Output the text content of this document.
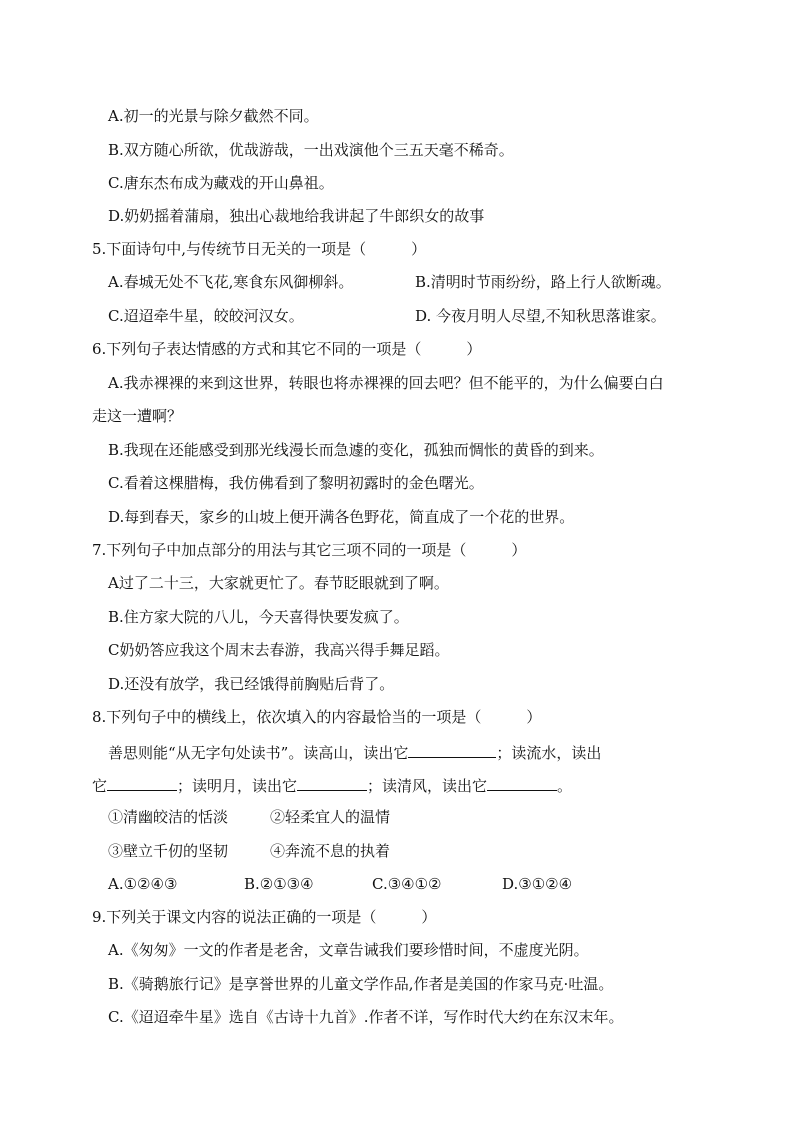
A.初一的光景与除夕截然不同。
B.双方随心所欲，优哉游哉，一出戏演他个三五天毫不稀奇。
C.唐东杰布成为藏戏的开山鼻祖。
D.奶奶摇着蒲扇，独出心裁地给我讲起了牛郎织女的故事
5.下面诗句中,与传统节日无关的一项是（　　　）
A.春城无处不飞花,寒食东风御柳斜。	B.清明时节雨纷纷，路上行人欲断魂。
C.迢迢牵牛星，皎皎河汉女。	D. 今夜月明人尽望,不知秋思落谁家。
6.下列句子表达情感的方式和其它不同的一项是（　　　）
A.我赤裸裸的来到这世界，转眼也将赤裸裸的回去吧？但不能平的，为什么偏要白白
走这一遭啊？
B.我现在还能感受到那光线漫长而急遽的变化，孤独而惆怅的黄昏的到来。
C.看着这棵腊梅，我仿佛看到了黎明初露时的金色曙光。
D.每到春天，家乡的山坡上便开满各色野花，简直成了一个花的世界。
7.下列句子中加点部分的用法与其它三项不同的一项是（　　　）
A过了二十三，大家就更忙了。春节眨眼就到了啊。
B.住方家大院的八儿，今天喜得快要发疯了。
C奶奶答应我这个周末去春游，我高兴得手舞足蹈。
D.还没有放学，我已经饿得前胸贴后背了。
8.下列句子中的横线上，依次填入的内容最恰当的一项是（　　　）
善思则能“从无字句处读书”。读高山，读出它	；读流水，读出
它	；读明月，读出它	；读清风，读出它	。
①清幽皎洁的恬淡	②轻柔宜人的温情
③壁立千仞的坚韧	④奔流不息的执着
A.①②④③	B.②①③④	C.③④①②	D.③①②④
9.下列关于课文内容的说法正确的一项是（　　　）
A.《匆匆》一文的作者是老舍，文章告诫我们要珍惜时间，不虚度光阴。
B.《骑鹅旅行记》是享誉世界的儿童文学作品,作者是美国的作家马克·吐温。
C.《迢迢牵牛星》选自《古诗十九首》.作者不详，写作时代大约在东汉末年。
